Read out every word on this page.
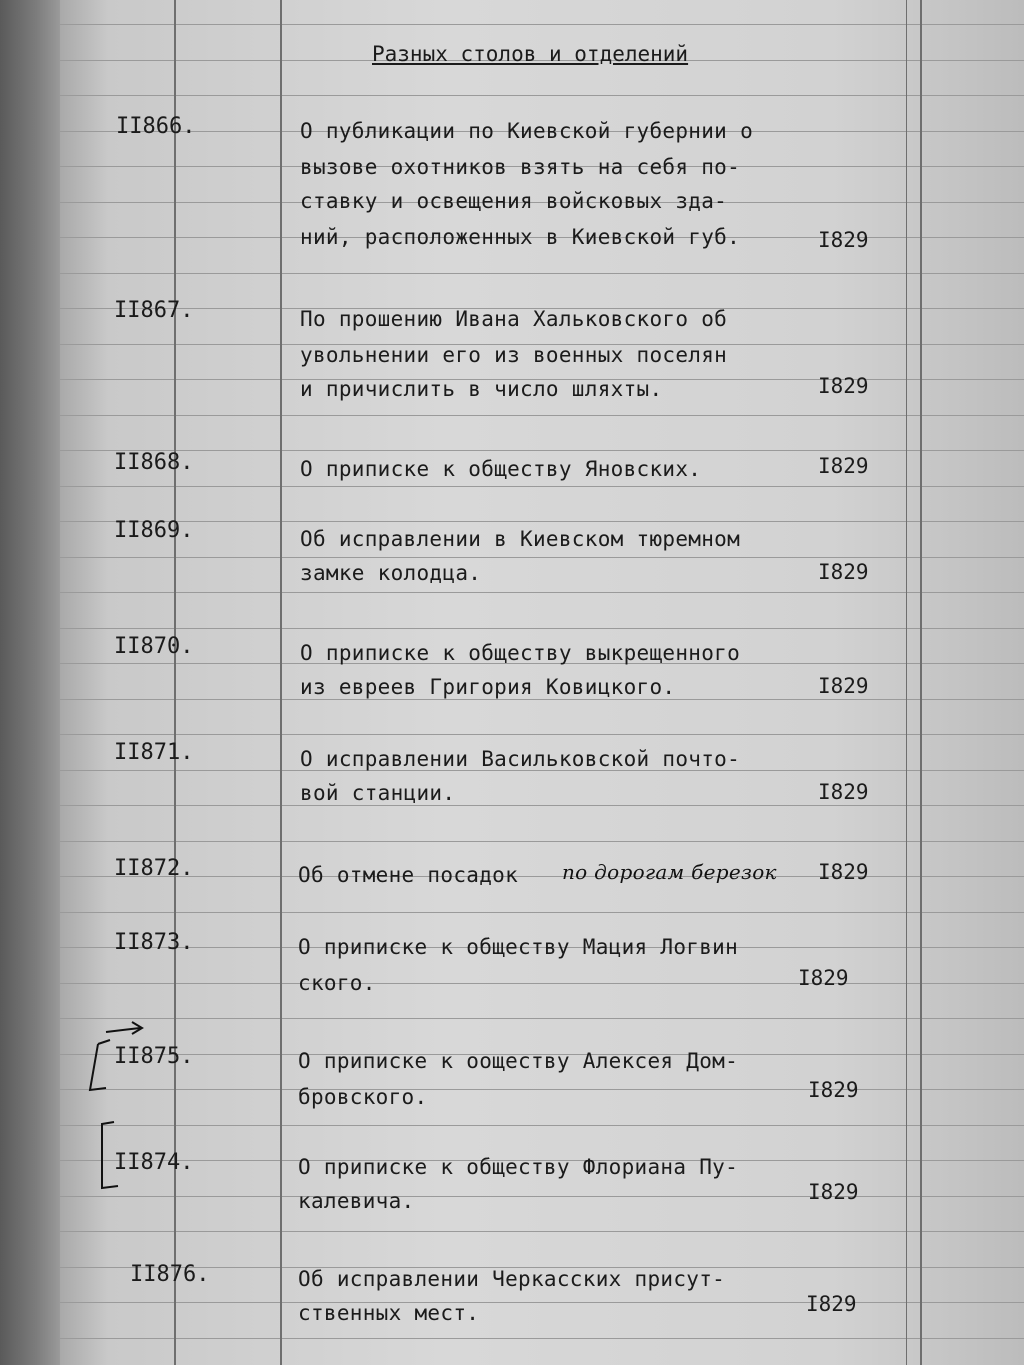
Разных столов и отделений
II866.	О публикации по Киевской губернии о
вызове охотников взять на себя по-
ставку и освещения войсковых зда-
ний, расположенных в Киевской губ.	I829
II867.	По прошению Ивана Хальковского об
увольнении его из военных поселян
и причислить в число шляхты.	I829
II868.	О приписке к обществу Яновских.	I829
II869.	Об исправлении в Киевском тюремном
замке колодца.	I829
II870.	О приписке к обществу выкрещенного
из евреев Григория Ковицкого.	I829
II871.	О исправлении Васильковской почто-
вой станции.	I829
II872.	Об отмене посадок по дорогам березок I829
II873.	О приписке к обществу Мация Логвин
ского.	I829
II875.	О приписке к ооществу Алексея Дом-
бровского.	I829
II874.	О приписке к обществу Флориана Пу-
калевича.	I829
II876.	Об исправлении Черкасских присут-
ственных мест.	I829
